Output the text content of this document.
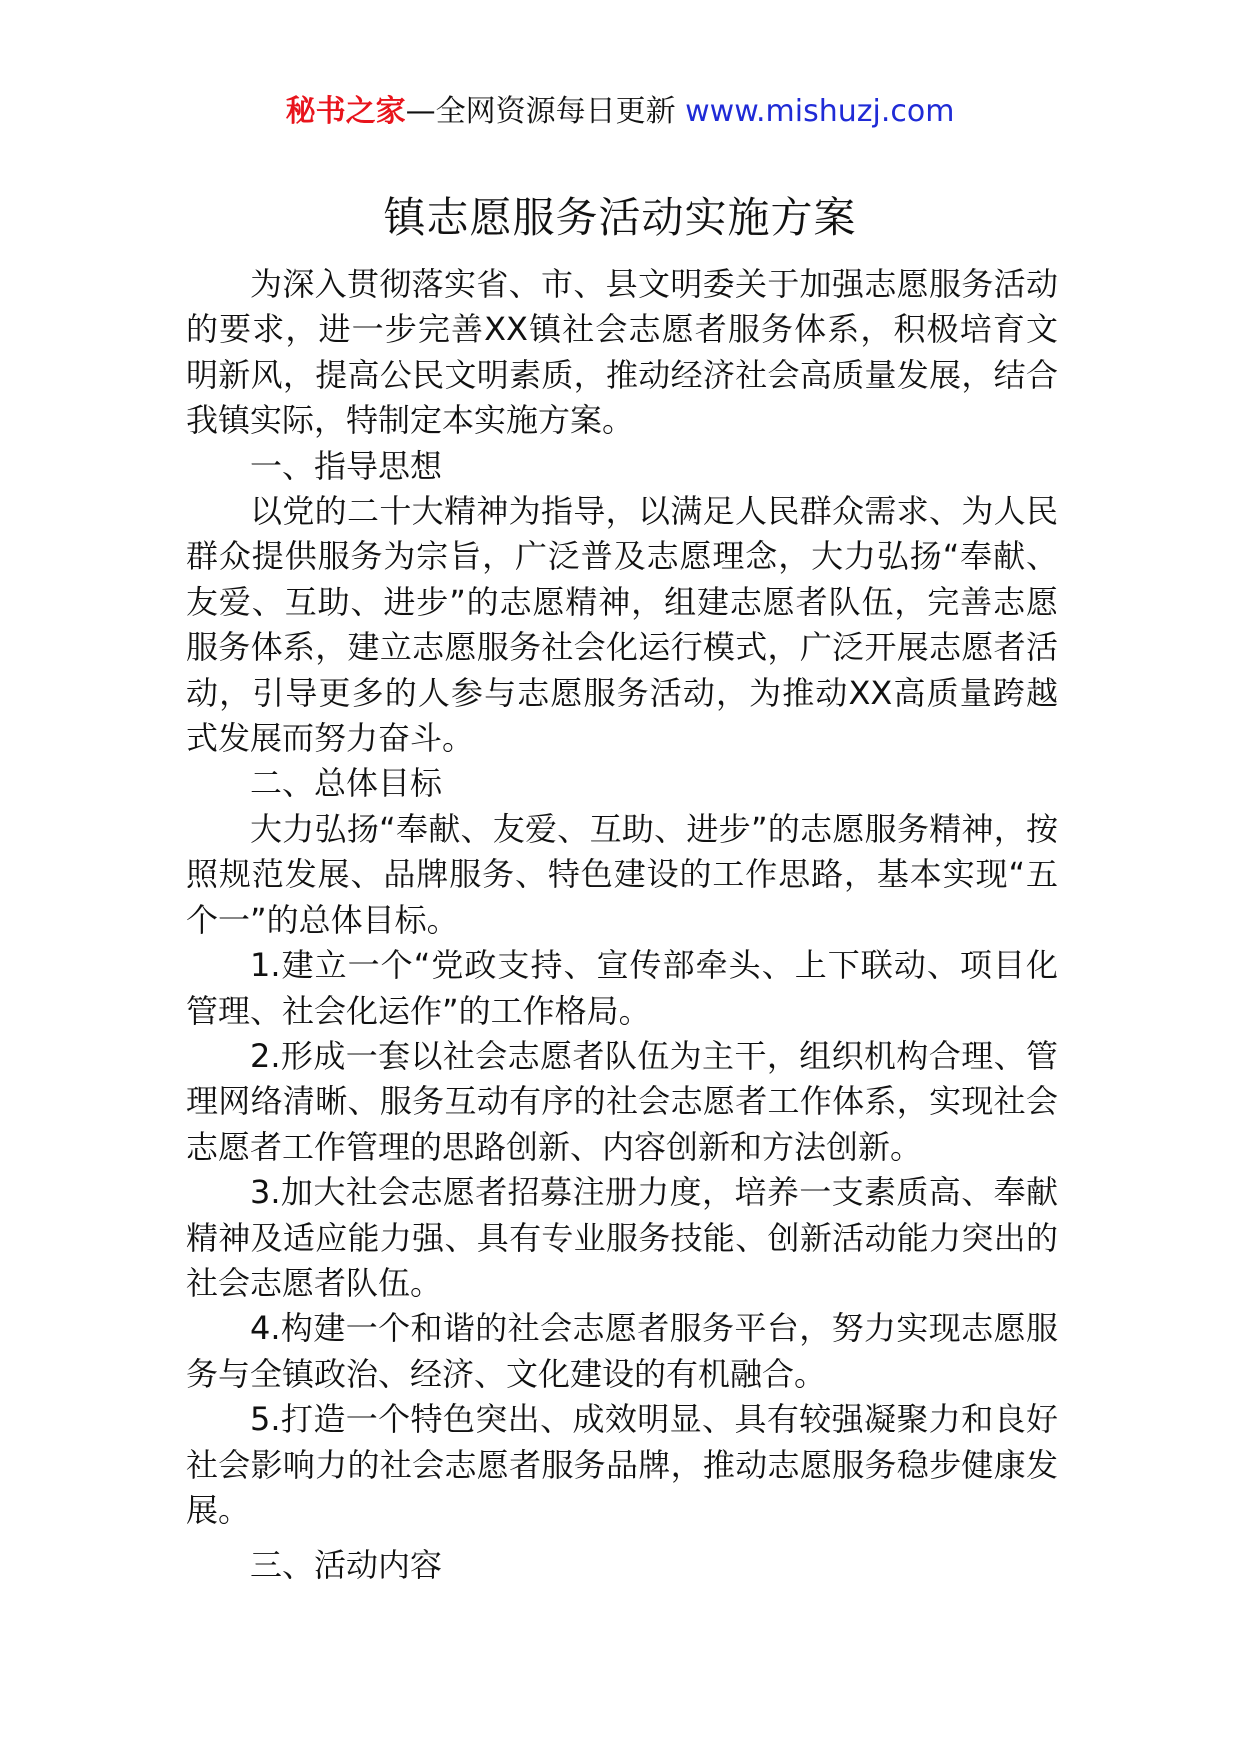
秘书之家—全网资源每日更新 www.mishuzj.com
镇志愿服务活动实施方案

为深入贯彻落实省、市、县文明委关于加强志愿服务活动的要求，进一步完善XX镇社会志愿者服务体系，积极培育文明新风，提高公民文明素质，推动经济社会高质量发展，结合我镇实际，特制定本实施方案。

一、指导思想

以党的二十大精神为指导，以满足人民群众需求、为人民群众提供服务为宗旨，广泛普及志愿理念，大力弘扬“奉献、友爱、互助、进步”的志愿精神，组建志愿者队伍，完善志愿服务体系，建立志愿服务社会化运行模式，广泛开展志愿者活动，引导更多的人参与志愿服务活动，为推动XX高质量跨越式发展而努力奋斗。

二、总体目标

大力弘扬“奉献、友爱、互助、进步”的志愿服务精神，按照规范发展、品牌服务、特色建设的工作思路，基本实现“五个一”的总体目标。

1.建立一个“党政支持、宣传部牵头、上下联动、项目化管理、社会化运作”的工作格局。

2.形成一套以社会志愿者队伍为主干，组织机构合理、管理网络清晰、服务互动有序的社会志愿者工作体系，实现社会志愿者工作管理的思路创新、内容创新和方法创新。

3.加大社会志愿者招募注册力度，培养一支素质高、奉献精神及适应能力强、具有专业服务技能、创新活动能力突出的社会志愿者队伍。

4.构建一个和谐的社会志愿者服务平台，努力实现志愿服务与全镇政治、经济、文化建设的有机融合。

5.打造一个特色突出、成效明显、具有较强凝聚力和良好社会影响力的社会志愿者服务品牌，推动志愿服务稳步健康发展。

三、活动内容
